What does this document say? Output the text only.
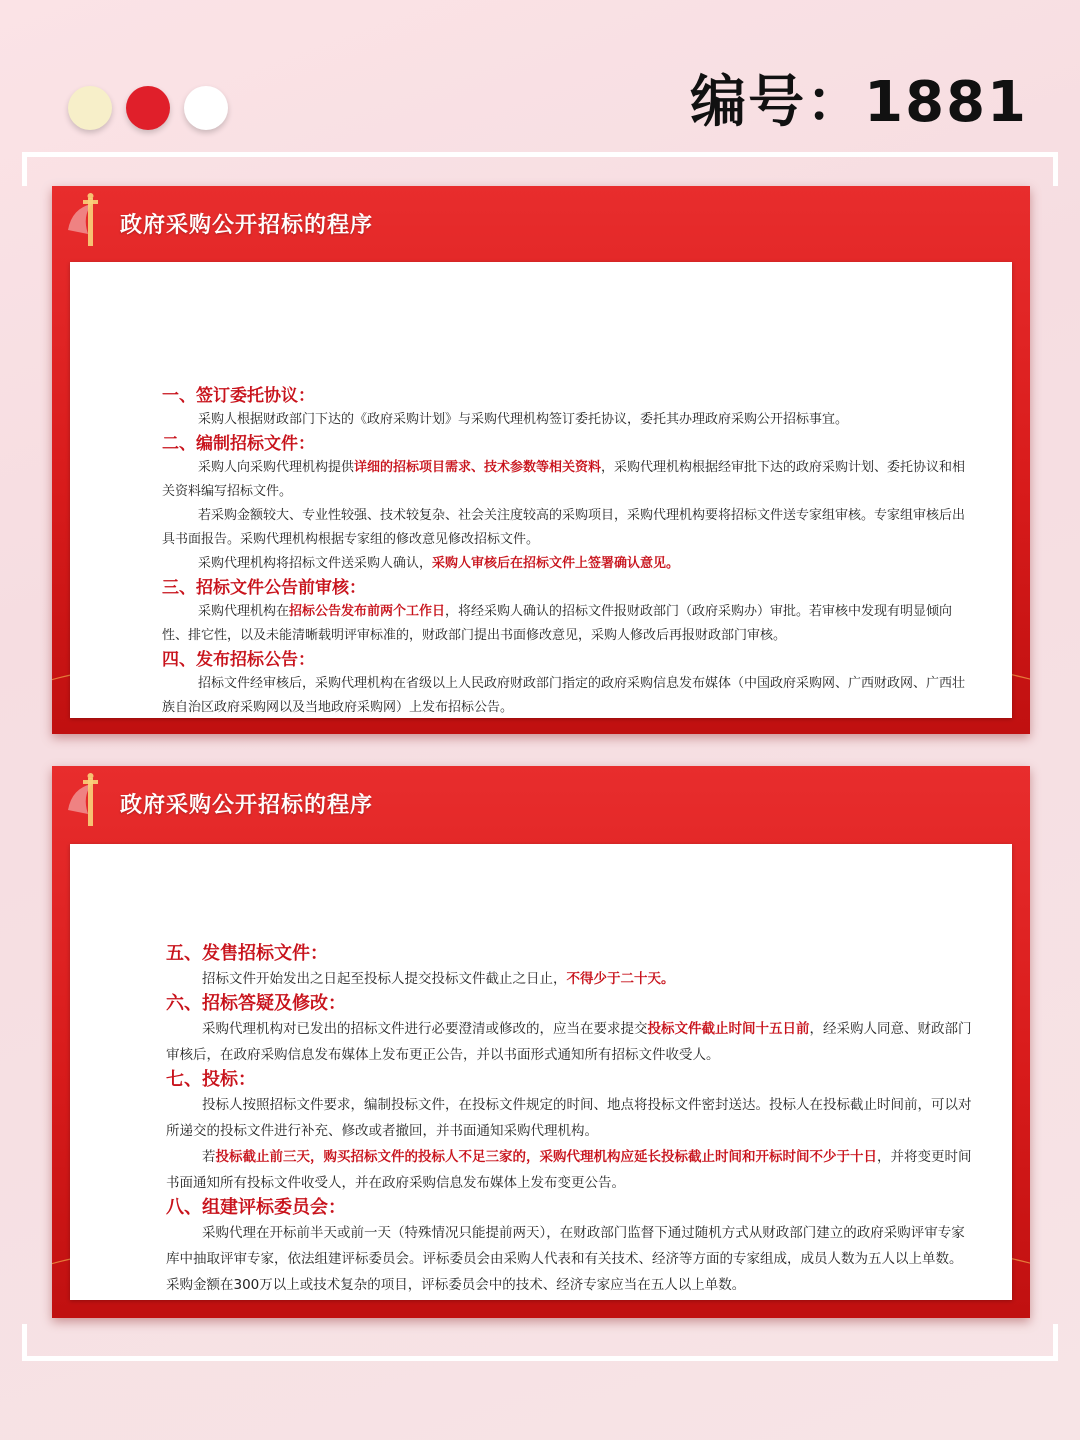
编号：1881
政府采购公开招标的程序

一、签订委托协议：

采购人根据财政部门下达的《政府采购计划》与采购代理机构签订委托协议，委托其办理政府采购公开招标事宜。

二、编制招标文件：

采购人向采购代理机构提供详细的招标项目需求、技术参数等相关资料，采购代理机构根据经审批下达的政府采购计划、委托协议和相关资料编写招标文件。

若采购金额较大、专业性较强、技术较复杂、社会关注度较高的采购项目，采购代理机构要将招标文件送专家组审核。专家组审核后出具书面报告。采购代理机构根据专家组的修改意见修改招标文件。

采购代理机构将招标文件送采购人确认，采购人审核后在招标文件上签署确认意见。

三、招标文件公告前审核：

采购代理机构在招标公告发布前两个工作日，将经采购人确认的招标文件报财政部门（政府采购办）审批。若审核中发现有明显倾向性、排它性，以及未能清晰载明评审标准的，财政部门提出书面修改意见，采购人修改后再报财政部门审核。

四、发布招标公告：

招标文件经审核后，采购代理机构在省级以上人民政府财政部门指定的政府采购信息发布媒体（中国政府采购网、广西财政网、广西壮族自治区政府采购网以及当地政府采购网）上发布招标公告。

政府采购公开招标的程序

五、发售招标文件：

招标文件开始发出之日起至投标人提交投标文件截止之日止，不得少于二十天。

六、招标答疑及修改：

采购代理机构对已发出的招标文件进行必要澄清或修改的，应当在要求提交投标文件截止时间十五日前，经采购人同意、财政部门审核后，在政府采购信息发布媒体上发布更正公告，并以书面形式通知所有招标文件收受人。

七、投标：

投标人按照招标文件要求，编制投标文件，在投标文件规定的时间、地点将投标文件密封送达。投标人在投标截止时间前，可以对所递交的投标文件进行补充、修改或者撤回，并书面通知采购代理机构。

若投标截止前三天，购买招标文件的投标人不足三家的，采购代理机构应延长投标截止时间和开标时间不少于十日，并将变更时间书面通知所有投标文件收受人，并在政府采购信息发布媒体上发布变更公告。

八、组建评标委员会：

采购代理在开标前半天或前一天（特殊情况只能提前两天），在财政部门监督下通过随机方式从财政部门建立的政府采购评审专家库中抽取评审专家，依法组建评标委员会。评标委员会由采购人代表和有关技术、经济等方面的专家组成，成员人数为五人以上单数。采购金额在300万以上或技术复杂的项目，评标委员会中的技术、经济专家应当在五人以上单数。
